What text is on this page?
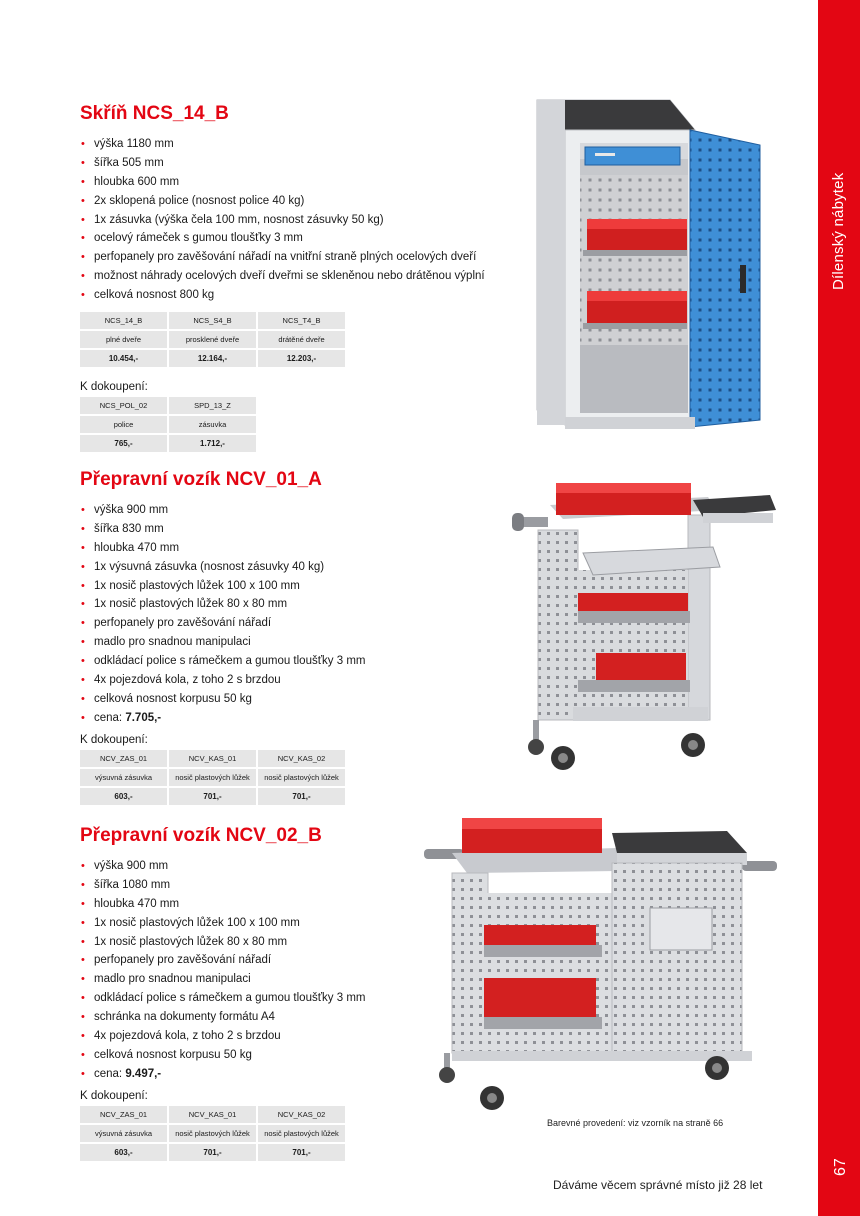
Dílenský nábytek
67
Skříň NCS_14_B
• výška 1180 mm
• šířka 505 mm
• hloubka 600 mm
• 2x sklopená police (nosnost police 40 kg)
• 1x zásuvka (výška čela 100 mm, nosnost zásuvky 50 kg)
• ocelový rámeček s gumou tloušťky 3 mm
• perfopanely pro zavěšování nářadí na vnitřní straně plných ocelových dveří
• možnost náhrady ocelových dveří dveřmi se skleněnou nebo drátěnou výplní
• celková nosnost 800 kg
NCS_14_B	NCS_S4_B	NCS_T4_B
plné dveře	prosklené dveře	drátěné dveře
10.454,-	12.164,-	12.203,-
K dokoupení:
NCS_POL_02	SPD_13_Z
police	zásuvka
765,-	1.712,-
Přepravní vozík NCV_01_A
• výška 900 mm
• šířka 830 mm
• hloubka 470 mm
• 1x výsuvná zásuvka (nosnost zásuvky 40 kg)
• 1x nosič plastových lůžek 100 x 100 mm
• 1x nosič plastových lůžek 80 x 80 mm
• perfopanely pro zavěšování nářadí
• madlo pro snadnou manipulaci
• odkládací police s rámečkem a gumou tloušťky 3 mm
• 4x pojezdová kola, z toho 2 s brzdou
• celková nosnost korpusu 50 kg
• cena: 7.705,-
K dokoupení:
NCV_ZAS_01	NCV_KAS_01	NCV_KAS_02
výsuvná zásuvka	nosič plastových lůžek	nosič plastových lůžek
603,-	701,-	701,-
Přepravní vozík NCV_02_B
• výška 900 mm
• šířka 1080 mm
• hloubka 470 mm
• 1x nosič plastových lůžek 100 x 100 mm
• 1x nosič plastových lůžek 80 x 80 mm
• perfopanely pro zavěšování nářadí
• madlo pro snadnou manipulaci
• odkládací police s rámečkem a gumou tloušťky 3 mm
• schránka na dokumenty formátu A4
• 4x pojezdová kola, z toho 2 s brzdou
• celková nosnost korpusu 50 kg
• cena: 9.497,-
K dokoupení:
NCV_ZAS_01	NCV_KAS_01	NCV_KAS_02
výsuvná zásuvka	nosič plastových lůžek	nosič plastových lůžek
603,-	701,-	701,-
Barevné provedení: viz vzorník na straně 66
Dáváme věcem správné místo již 28 let
